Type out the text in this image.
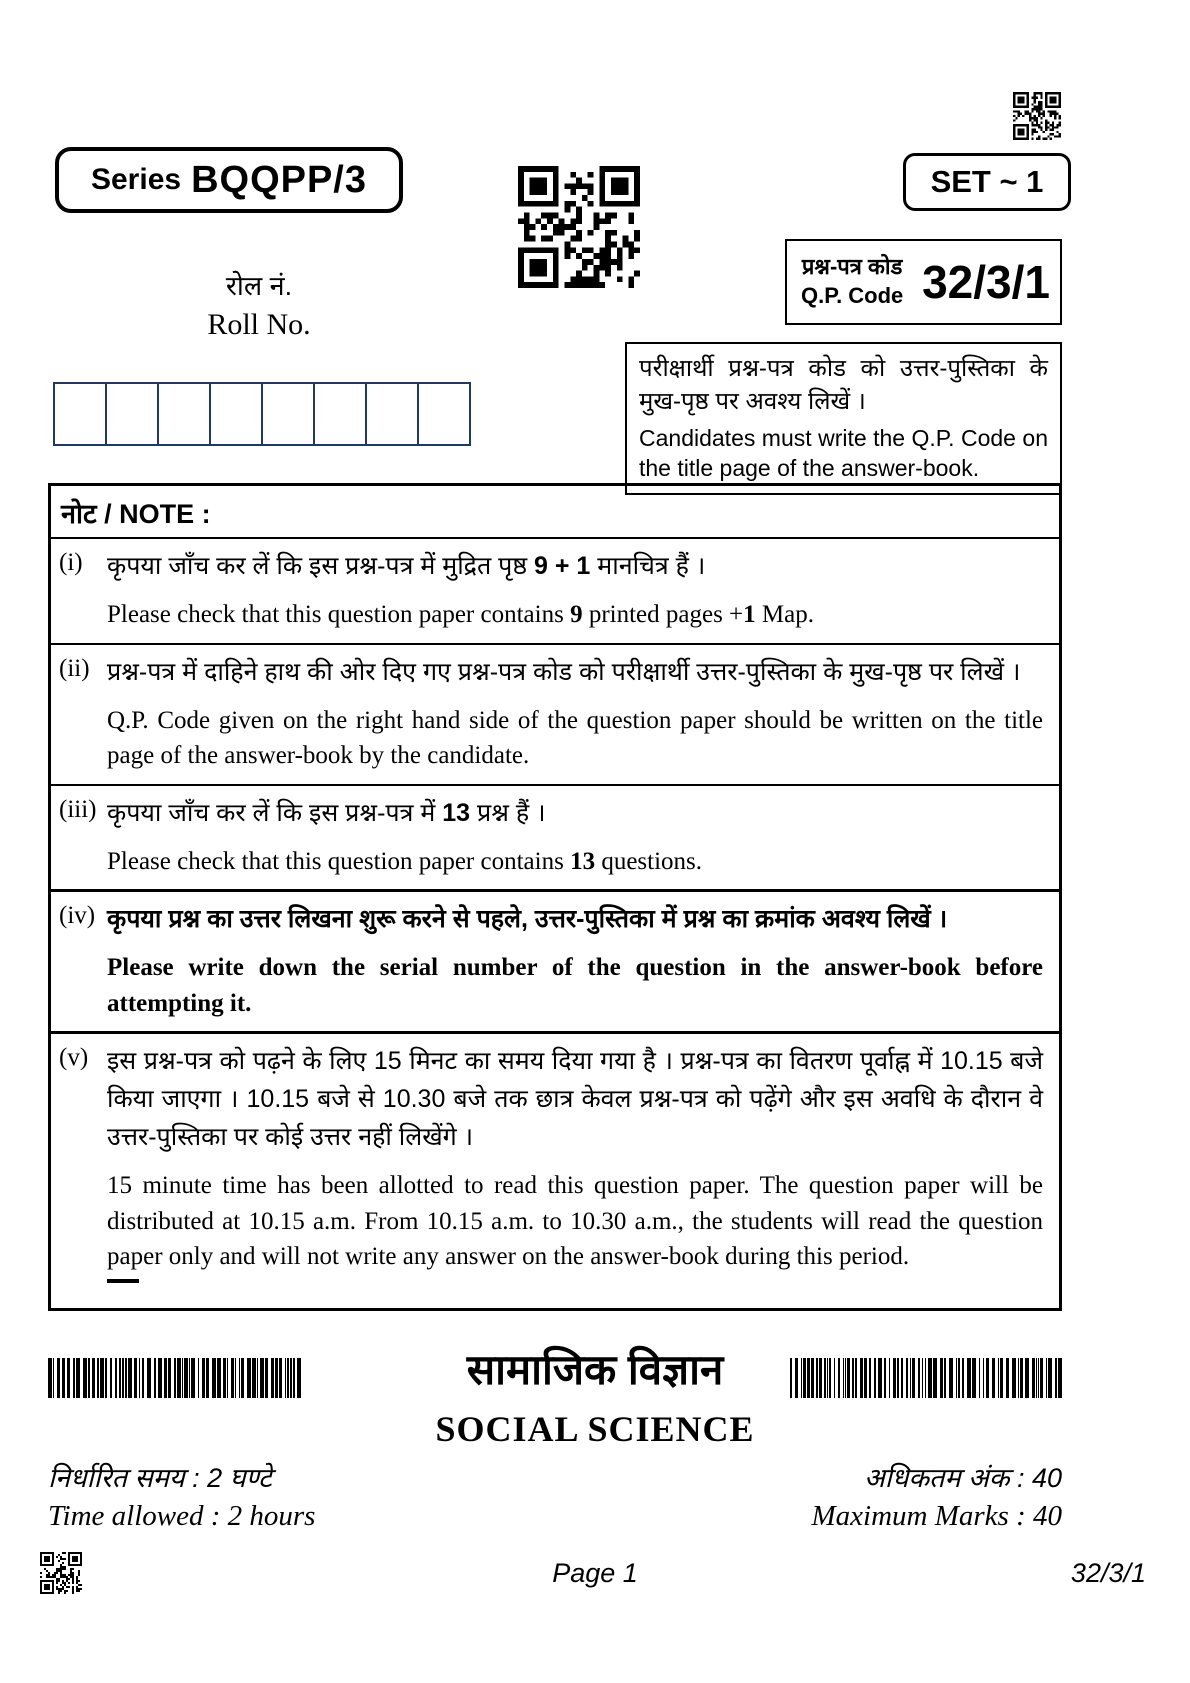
Series BQQPP/3	SET ~ 1
प्रश्न-पत्र कोड
Q.P. Code 32/3/1
रोल नं.
Roll No.

परीक्षार्थी प्रश्न-पत्र कोड को उत्तर-पुस्तिका के मुख-पृष्ठ पर अवश्य लिखें ।

Candidates must write the Q.P. Code on the title page of the answer-book.

नोट / NOTE :
(i) कृपया जाँच कर लें कि इस प्रश्न-पत्र में मुद्रित पृष्ठ 9 + 1 मानचित्र हैं ।

Please check that this question paper contains 9 printed pages +1 Map.

(ii) प्रश्न-पत्र में दाहिने हाथ की ओर दिए गए प्रश्न-पत्र कोड को परीक्षार्थी उत्तर-पुस्तिका के मुख-पृष्ठ पर लिखें ।

Q.P. Code given on the right hand side of the question paper should be written on the title page of the answer-book by the candidate.

(iii) कृपया जाँच कर लें कि इस प्रश्न-पत्र में 13 प्रश्न हैं ।

Please check that this question paper contains 13 questions.

(iv) कृपया प्रश्न का उत्तर लिखना शुरू करने से पहले, उत्तर-पुस्तिका में प्रश्न का क्रमांक अवश्य लिखें ।

Please write down the serial number of the question in the answer-book before attempting it.

(v) इस प्रश्न-पत्र को पढ़ने के लिए 15 मिनट का समय दिया गया है । प्रश्न-पत्र का वितरण पूर्वाह्न में 10.15 बजे किया जाएगा । 10.15 बजे से 10.30 बजे तक छात्र केवल प्रश्न-पत्र को पढ़ेंगे और इस अवधि के दौरान वे उत्तर-पुस्तिका पर कोई उत्तर नहीं लिखेंगे ।

15 minute time has been allotted to read this question paper. The question paper will be distributed at 10.15 a.m. From 10.15 a.m. to 10.30 a.m., the students will read the question paper only and will not write any answer on the answer-book during this period.

सामाजिक विज्ञान
SOCIAL SCIENCE
निर्धारित समय : 2 घण्टे	अधिकतम अंक : 40
Time allowed : 2 hours	Maximum Marks : 40
Page 1	32/3/1
